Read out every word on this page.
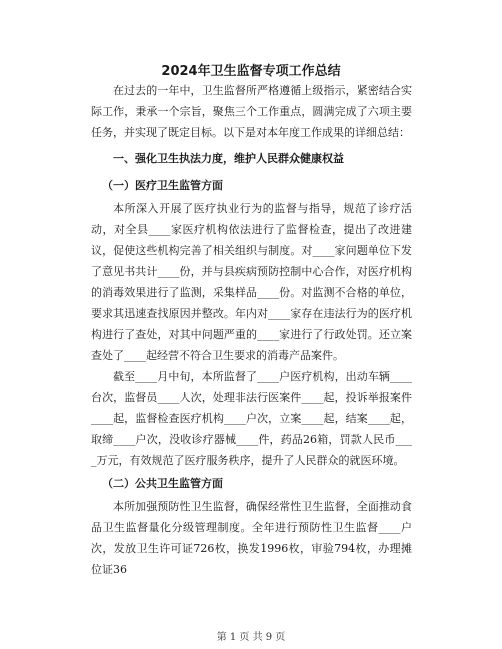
2024年卫生监督专项工作总结

在过去的一年中，卫生监督所严格遵循上级指示，紧密结合实际工作，秉承一个宗旨，聚焦三个工作重点，圆满完成了六项主要任务，并实现了既定目标。以下是对本年度工作成果的详细总结：

一、强化卫生执法力度，维护人民群众健康权益

（一）医疗卫生监管方面

本所深入开展了医疗执业行为的监督与指导，规范了诊疗活动，对全县____家医疗机构依法进行了监督检查，提出了改进建议，促使这些机构完善了相关组织与制度。对____家问题单位下发了意见书共计____份，并与县疾病预防控制中心合作，对医疗机构的消毒效果进行了监测，采集样品____份。对监测不合格的单位，要求其迅速查找原因并整改。年内对____家存在违法行为的医疗机构进行了查处，对其中问题严重的____家进行了行政处罚。还立案查处了____起经营不符合卫生要求的消毒产品案件。

截至____月中旬，本所监督了____户医疗机构，出动车辆____台次，监督员____人次，处理非法行医案件____起，投诉举报案件____起，监督检查医疗机构____户次，立案____起，结案____起，取缔____户次，没收诊疗器械____件，药品26箱，罚款人民币____万元，有效规范了医疗服务秩序，提升了人民群众的就医环境。

（二）公共卫生监管方面

本所加强预防性卫生监督，确保经常性卫生监督，全面推动食品卫生监督量化分级管理制度。全年进行预防性卫生监督____户次，发放卫生许可证726枚，换发1996枚，审验794枚，办理摊位证36

第 1 页 共 9 页
